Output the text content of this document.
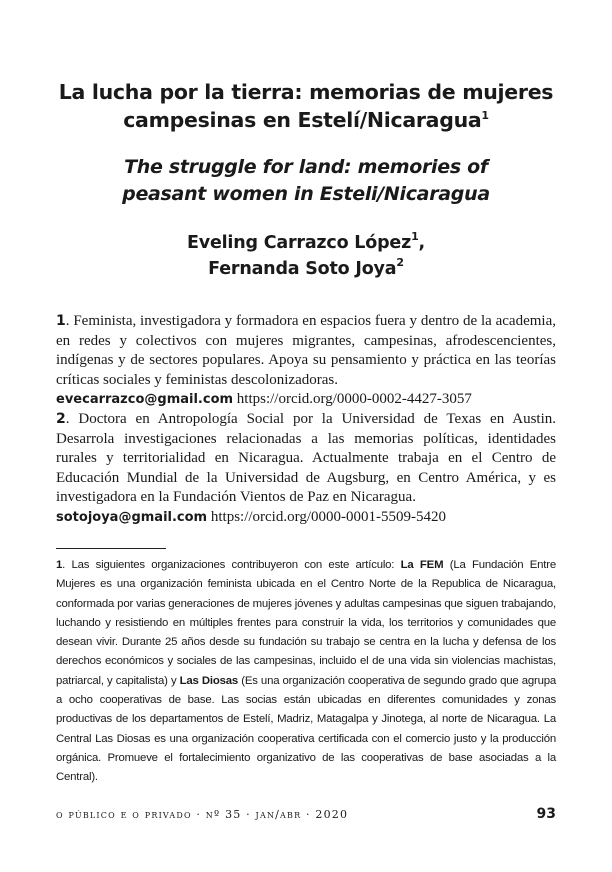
La lucha por la tierra: memorias de mujeres
campesinas en Estelí/Nicaragua$^1$
The struggle for land: memories of
peasant women in Esteli/Nicaragua
Eveling Carrazco López$^1$,
Fernanda Soto Joya$^2$

1. Feminista, investigadora y formadora en espacios fuera y dentro de la academia, en redes y colectivos con mujeres migrantes, campesinas, afrodescencientes, indígenas y de sectores populares. Apoya su pensamiento y práctica en las teorías críticas sociales y feministas descolonizadoras.
evecarrazco@gmail.com https://orcid.org/0000-0002-4427-3057

2. Doctora en Antropología Social por la Universidad de Texas en Austin. Desarrola investigaciones relacionadas a las memorias políticas, identidades rurales y territorialidad en Nicaragua. Actualmente trabaja en el Centro de Educación Mundial de la Universidad de Augsburg, en Centro América, y es investigadora en la Fundación Vientos de Paz en Nicaragua.
sotojoya@gmail.com https://orcid.org/0000-0001-5509-5420

1. Las siguientes organizaciones contribuyeron con este artículo: La FEM (La Fundación Entre Mujeres es una organización feminista ubicada en el Centro Norte de la Republica de Nicaragua, conformada por varias generaciones de mujeres jóvenes y adultas campesinas que siguen trabajando, luchando y resistiendo en múltiples frentes para construir la vida, los territorios y comunidades que desean vivir. Durante 25 años desde su fundación su trabajo se centra en la lucha y defensa de los derechos económicos y sociales de las campesinas, incluido el de una vida sin violencias machistas, patriarcal, y capitalista) y Las Diosas (Es una organización cooperativa de segundo grado que agrupa a ocho cooperativas de base. Las socias están ubicadas en diferentes comunidades y zonas productivas de los departamentos de Estelí, Madriz, Matagalpa y Jinotega, al norte de Nicaragua. La Central Las Diosas es una organización cooperativa certificada con el comercio justo y la producción orgánica. Promueve el fortalecimiento organizativo de las cooperativas de base asociadas a la Central).

o público e o privado · nº 35 · jan/abr · 2020	93
